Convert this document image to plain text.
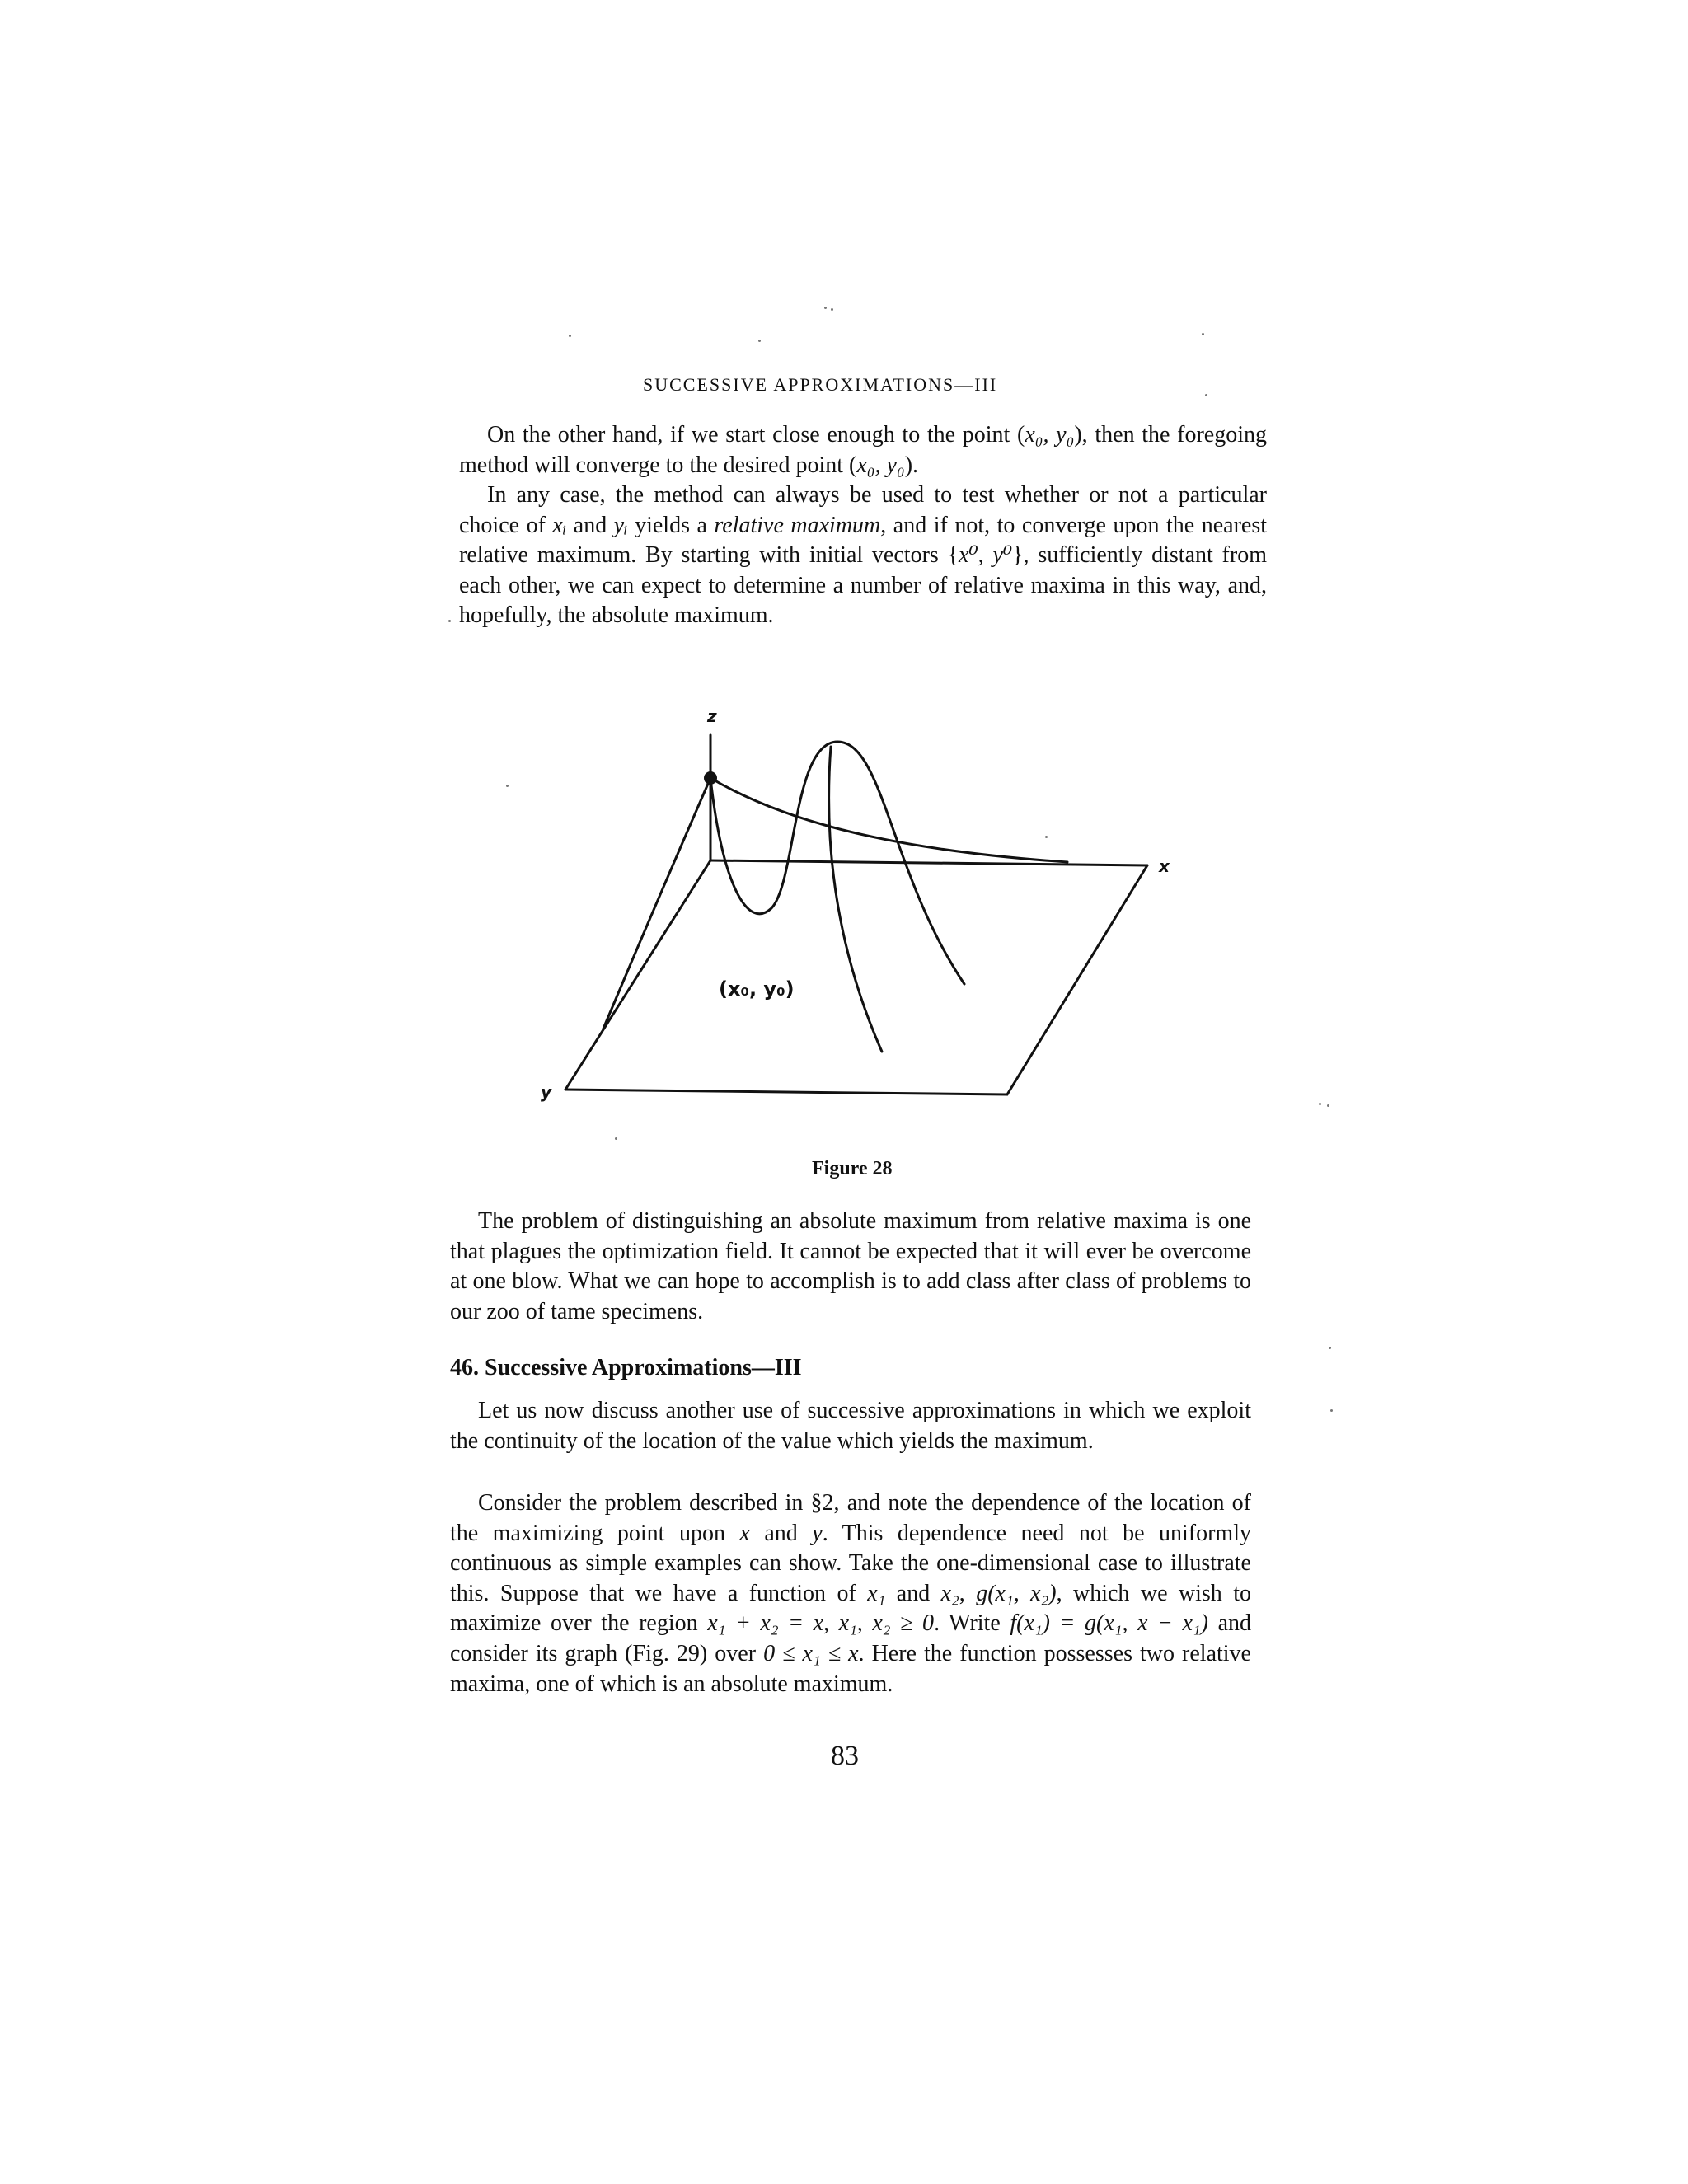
SUCCESSIVE APPROXIMATIONS—III

On the other hand, if we start close enough to the point (x₀, y₀), then the foregoing method will converge to the desired point (x₀, y₀).

In any case, the method can always be used to test whether or not a particular choice of xᵢ and yᵢ yields a relative maximum, and if not, to converge upon the nearest relative maximum. By starting with initial vectors {x⁰, y⁰}, sufficiently distant from each other, we can expect to determine a number of relative maxima in this way, and, hopefully, the absolute maximum.

z
x
y
(x₀, y₀)
Figure 28

The problem of distinguishing an absolute maximum from relative maxima is one that plagues the optimization field. It cannot be expected that it will ever be overcome at one blow. What we can hope to accomplish is to add class after class of problems to our zoo of tame specimens.

46. Successive Approximations—III

Let us now discuss another use of successive approximations in which we exploit the continuity of the location of the value which yields the maximum.

Consider the problem described in §2, and note the dependence of the location of the maximizing point upon x and y. This dependence need not be uniformly continuous as simple examples can show. Take the one-dimensional case to illustrate this. Suppose that we have a function of x₁ and x₂, g(x₁, x₂), which we wish to maximize over the region x₁ + x₂ = x, x₁, x₂ ≥ 0. Write f(x₁) = g(x₁, x − x₁) and consider its graph (Fig. 29) over 0 ≤ x₁ ≤ x. Here the function possesses two relative maxima, one of which is an absolute maximum.

83
